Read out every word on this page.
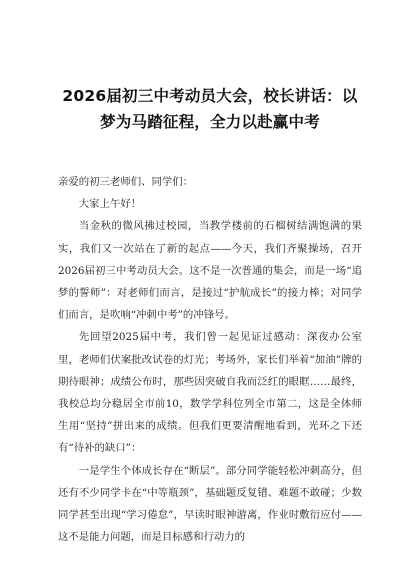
2026届初三中考动员大会，校长讲话：以梦为马踏征程，全力以赴赢中考

亲爱的初三老师们、同学们：

大家上午好！

当金秋的微风拂过校园，当教学楼前的石榴树结满饱满的果实，我们又一次站在了新的起点——今天，我们齐聚操场，召开2026届初三中考动员大会。这不是一次普通的集会，而是一场“追梦的誓师”：对老师们而言，是接过“护航成长”的接力棒；对同学们而言，是吹响“冲刺中考”的冲锋号。

先回望2025届中考，我们曾一起见证过感动：深夜办公室里，老师们伏案批改试卷的灯光；考场外，家长们举着“加油”牌的期待眼神；成绩公布时，那些因突破自我而泛红的眼眶……最终，我校总均分稳居全市前10，数学学科位列全市第二，这是全体师生用“坚持”拼出来的成绩。但我们更要清醒地看到，光环之下还有“待补的缺口”：

一是学生个体成长存在“断层”。部分同学能轻松冲刺高分，但还有不少同学卡在“中等瓶颈”，基础题反复错、难题不敢碰；少数同学甚至出现“学习倦怠”，早读时眼神游离，作业时敷衍应付——这不是能力问题，而是目标感和行动力的
